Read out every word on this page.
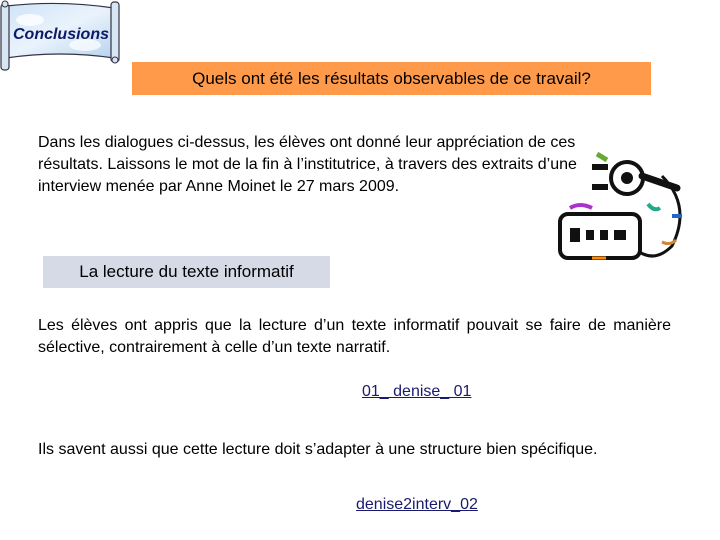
Conclusions
Quels ont été les résultats observables de ce travail?
Dans les dialogues ci-dessus, les élèves ont donné leur appréciation de ces résultats. Laissons le mot de la fin à l’institutrice, à travers des extraits d’une interview menée par Anne Moinet le 27 mars 2009.
La lecture du texte informatif
Les élèves ont appris que la lecture d’un texte informatif pouvait se faire de manière sélective, contrairement à celle d’un texte narratif.
01_ denise_ 01
Ils savent aussi que cette lecture doit s’adapter à une structure bien spécifique.
denise2interv_02
